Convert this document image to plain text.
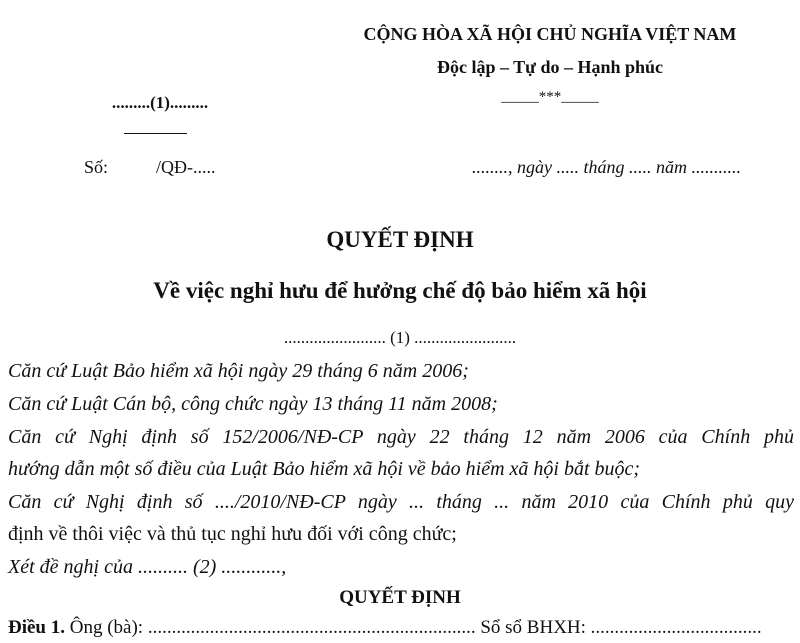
CỘNG HÒA XÃ HỘI CHỦ NGHĨA VIỆT NAM
Độc lập – Tự do – Hạnh phúc
_____***_____
.........(1).........
Số:	/QĐ-.....	........, ngày ..... tháng ..... năm ...........
QUYẾT ĐỊNH
Về việc nghỉ hưu để hưởng chế độ bảo hiểm xã hội
........................ (1) ........................
Căn cứ Luật Bảo hiểm xã hội ngày 29 tháng 6 năm 2006;
Căn cứ Luật Cán bộ, công chức ngày 13 tháng 11 năm 2008;
Căn cứ Nghị định số 152/2006/NĐ-CP ngày 22 tháng 12 năm 2006 của Chính phủ
hướng dẫn một số điều của Luật Bảo hiểm xã hội về bảo hiểm xã hội bắt buộc;
Căn cứ Nghị định số ..../2010/NĐ-CP ngày ... tháng ... năm 2010 của Chính phủ quy
định về thôi việc và thủ tục nghỉ hưu đối với công chức;
Xét đề nghị của .......... (2) ............,
QUYẾT ĐỊNH
Điều 1. Ông (bà): ..................................................................... Sổ sổ BHXH: ....................................
